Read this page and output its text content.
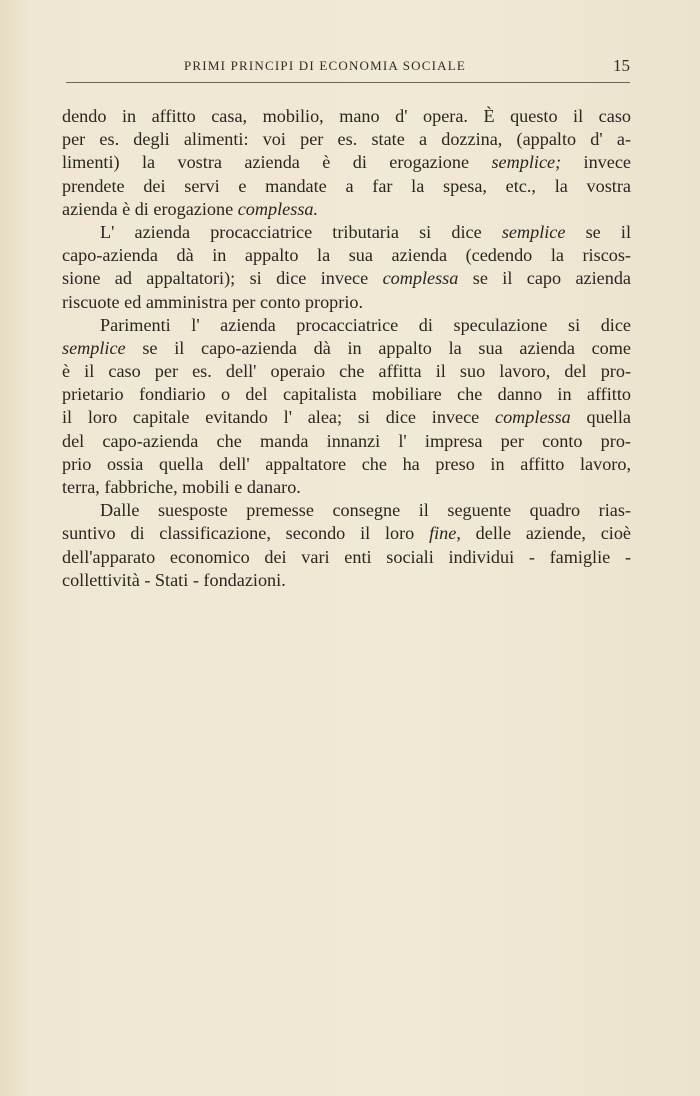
PRIMI PRINCIPI DI ECONOMIA SOCIALE	15
dendo in affitto casa, mobilio, mano d' opera. È questo il caso
per es. degli alimenti: voi per es. state a dozzina, (appalto d' a-
limenti) la vostra azienda è di erogazione semplice; invece
prendete dei servi e mandate a far la spesa, etc., la vostra
azienda è di erogazione complessa.
L' azienda procacciatrice tributaria si dice semplice se il
capo-azienda dà in appalto la sua azienda (cedendo la riscos-
sione ad appaltatori); si dice invece complessa se il capo azienda
riscuote ed amministra per conto proprio.
Parimenti l' azienda procacciatrice di speculazione si dice
semplice se il capo-azienda dà in appalto la sua azienda come
è il caso per es. dell' operaio che affitta il suo lavoro, del pro-
prietario fondiario o del capitalista mobiliare che danno in affitto
il loro capitale evitando l' alea; si dice invece complessa quella
del capo-azienda che manda innanzi l' impresa per conto pro-
prio ossia quella dell' appaltatore che ha preso in affitto lavoro,
terra, fabbriche, mobili e danaro.
Dalle suesposte premesse consegne il seguente quadro rias-
suntivo di classificazione, secondo il loro fine, delle aziende, cioè
dell'apparato economico dei vari enti sociali individui - famiglie -
collettività - Stati - fondazioni.
